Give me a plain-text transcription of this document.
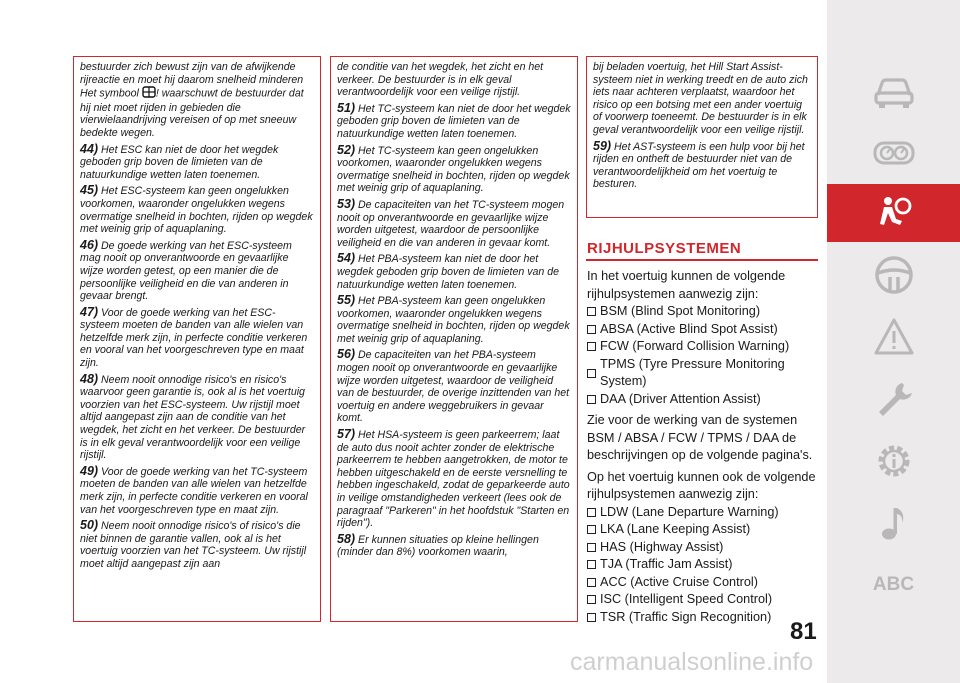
bestuurder zich bewust zijn van de afwijkende rijreactie en moet hij daarom snelheid minderen Het symbool ! waarschuwt de bestuurder dat hij niet moet rijden in gebieden die vierwielaandrijving vereisen of op met sneeuw bedekte wegen.

44) Het ESC kan niet de door het wegdek geboden grip boven de limieten van de natuurkundige wetten laten toenemen.

45) Het ESC-systeem kan geen ongelukken voorkomen, waaronder ongelukken wegens overmatige snelheid in bochten, rijden op wegdek met weinig grip of aquaplaning.

46) De goede werking van het ESC-systeem mag nooit op onverantwoorde en gevaarlijke wijze worden getest, op een manier die de persoonlijke veiligheid en die van anderen in gevaar brengt.

47) Voor de goede werking van het ESC-systeem moeten de banden van alle wielen van hetzelfde merk zijn, in perfecte conditie verkeren en vooral van het voorgeschreven type en maat zijn.

48) Neem nooit onnodige risico's en risico's waarvoor geen garantie is, ook al is het voertuig voorzien van het ESC-systeem. Uw rijstijl moet altijd aangepast zijn aan de conditie van het wegdek, het zicht en het verkeer. De bestuurder is in elk geval verantwoordelijk voor een veilige rijstijl.

49) Voor de goede werking van het TC-systeem moeten de banden van alle wielen van hetzelfde merk zijn, in perfecte conditie verkeren en vooral van het voorgeschreven type en maat zijn.

50) Neem nooit onnodige risico's of risico's die niet binnen de garantie vallen, ook al is het voertuig voorzien van het TC-systeem. Uw rijstijl moet altijd aangepast zijn aan

de conditie van het wegdek, het zicht en het verkeer. De bestuurder is in elk geval verantwoordelijk voor een veilige rijstijl.

51) Het TC-systeem kan niet de door het wegdek geboden grip boven de limieten van de natuurkundige wetten laten toenemen.

52) Het TC-systeem kan geen ongelukken voorkomen, waaronder ongelukken wegens overmatige snelheid in bochten, rijden op wegdek met weinig grip of aquaplaning.

53) De capaciteiten van het TC-systeem mogen nooit op onverantwoorde en gevaarlijke wijze worden uitgetest, waardoor de persoonlijke veiligheid en die van anderen in gevaar komt.

54) Het PBA-systeem kan niet de door het wegdek geboden grip boven de limieten van de natuurkundige wetten laten toenemen.

55) Het PBA-systeem kan geen ongelukken voorkomen, waaronder ongelukken wegens overmatige snelheid in bochten, rijden op wegdek met weinig grip of aquaplaning.

56) De capaciteiten van het PBA-systeem mogen nooit op onverantwoorde en gevaarlijke wijze worden uitgetest, waardoor de veiligheid van de bestuurder, de overige inzittenden van het voertuig en andere weggebruikers in gevaar komt.

57) Het HSA-systeem is geen parkeerrem; laat de auto dus nooit achter zonder de elektrische parkeerrem te hebben aangetrokken, de motor te hebben uitgeschakeld en de eerste versnelling te hebben ingeschakeld, zodat de geparkeerde auto in veilige omstandigheden verkeert (lees ook de paragraaf "Parkeren" in het hoofdstuk "Starten en rijden").

58) Er kunnen situaties op kleine hellingen (minder dan 8%) voorkomen waarin,

bij beladen voertuig, het Hill Start Assist-systeem niet in werking treedt en de auto zich iets naar achteren verplaatst, waardoor het risico op een botsing met een ander voertuig of voorwerp toeneemt. De bestuurder is in elk geval verantwoordelijk voor een veilige rijstijl.

59) Het AST-systeem is een hulp voor bij het rijden en ontheft de bestuurder niet van de verantwoordelijkheid om het voertuig te besturen.

RIJHULPSYSTEMEN

In het voertuig kunnen de volgende rijhulpsystemen aanwezig zijn:

BSM (Blind Spot Monitoring)
ABSA (Active Blind Spot Assist)
FCW (Forward Collision Warning)
TPMS (Tyre Pressure Monitoring System)
DAA (Driver Attention Assist)

Zie voor de werking van de systemen BSM / ABSA / FCW / TPMS / DAA de beschrijvingen op de volgende pagina's.

Op het voertuig kunnen ook de volgende rijhulpsystemen aanwezig zijn:

LDW (Lane Departure Warning)
LKA (Lane Keeping Assist)
HAS (Highway Assist)
TJA (Traffic Jam Assist)
ACC (Active Cruise Control)
ISC (Intelligent Speed Control)
TSR (Traffic Sign Recognition)
81
carmanualsonline.info
ABC
